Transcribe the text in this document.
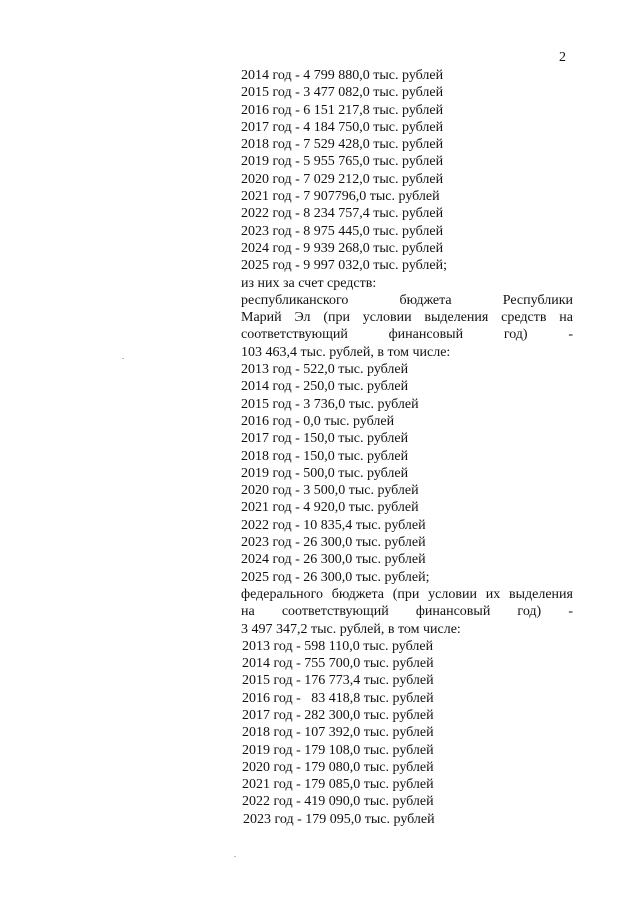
2
2014 год - 4 799 880,0 тыс. рублей
2015 год - 3 477 082,0 тыс. рублей
2016 год - 6 151 217,8 тыс. рублей
2017 год - 4 184 750,0 тыс. рублей
2018 год - 7 529 428,0 тыс. рублей
2019 год - 5 955 765,0 тыс. рублей
2020 год - 7 029 212,0 тыс. рублей
2021 год - 7 907796,0 тыс. рублей
2022 год - 8 234 757,4 тыс. рублей
2023 год - 8 975 445,0 тыс. рублей
2024 год - 9 939 268,0 тыс. рублей
2025 год - 9 997 032,0 тыс. рублей;
из них за счет средств:
республиканского бюджета Республики
Марий Эл (при условии выделения средств на
соответствующий финансовый год) -
103 463,4 тыс. рублей, в том числе:
2013 год - 522,0 тыс. рублей
2014 год - 250,0 тыс. рублей
2015 год - 3 736,0 тыс. рублей
2016 год - 0,0 тыс. рублей
2017 год - 150,0 тыс. рублей
2018 год - 150,0 тыс. рублей
2019 год - 500,0 тыс. рублей
2020 год - 3 500,0 тыс. рублей
2021 год - 4 920,0 тыс. рублей
2022 год - 10 835,4 тыс. рублей
2023 год - 26 300,0 тыс. рублей
2024 год - 26 300,0 тыс. рублей
2025 год - 26 300,0 тыс. рублей;
федерального бюджета (при условии их выделения
на соответствующий финансовый год) -
3 497 347,2 тыс. рублей, в том числе:
2013 год - 598 110,0 тыс. рублей
2014 год - 755 700,0 тыс. рублей
2015 год - 176 773,4 тыс. рублей
2016 год -   83 418,8 тыс. рублей
2017 год - 282 300,0 тыс. рублей
2018 год - 107 392,0 тыс. рублей
2019 год - 179 108,0 тыс. рублей
2020 год - 179 080,0 тыс. рублей
2021 год - 179 085,0 тыс. рублей
2022 год - 419 090,0 тыс. рублей
2023 год - 179 095,0 тыс. рублей
